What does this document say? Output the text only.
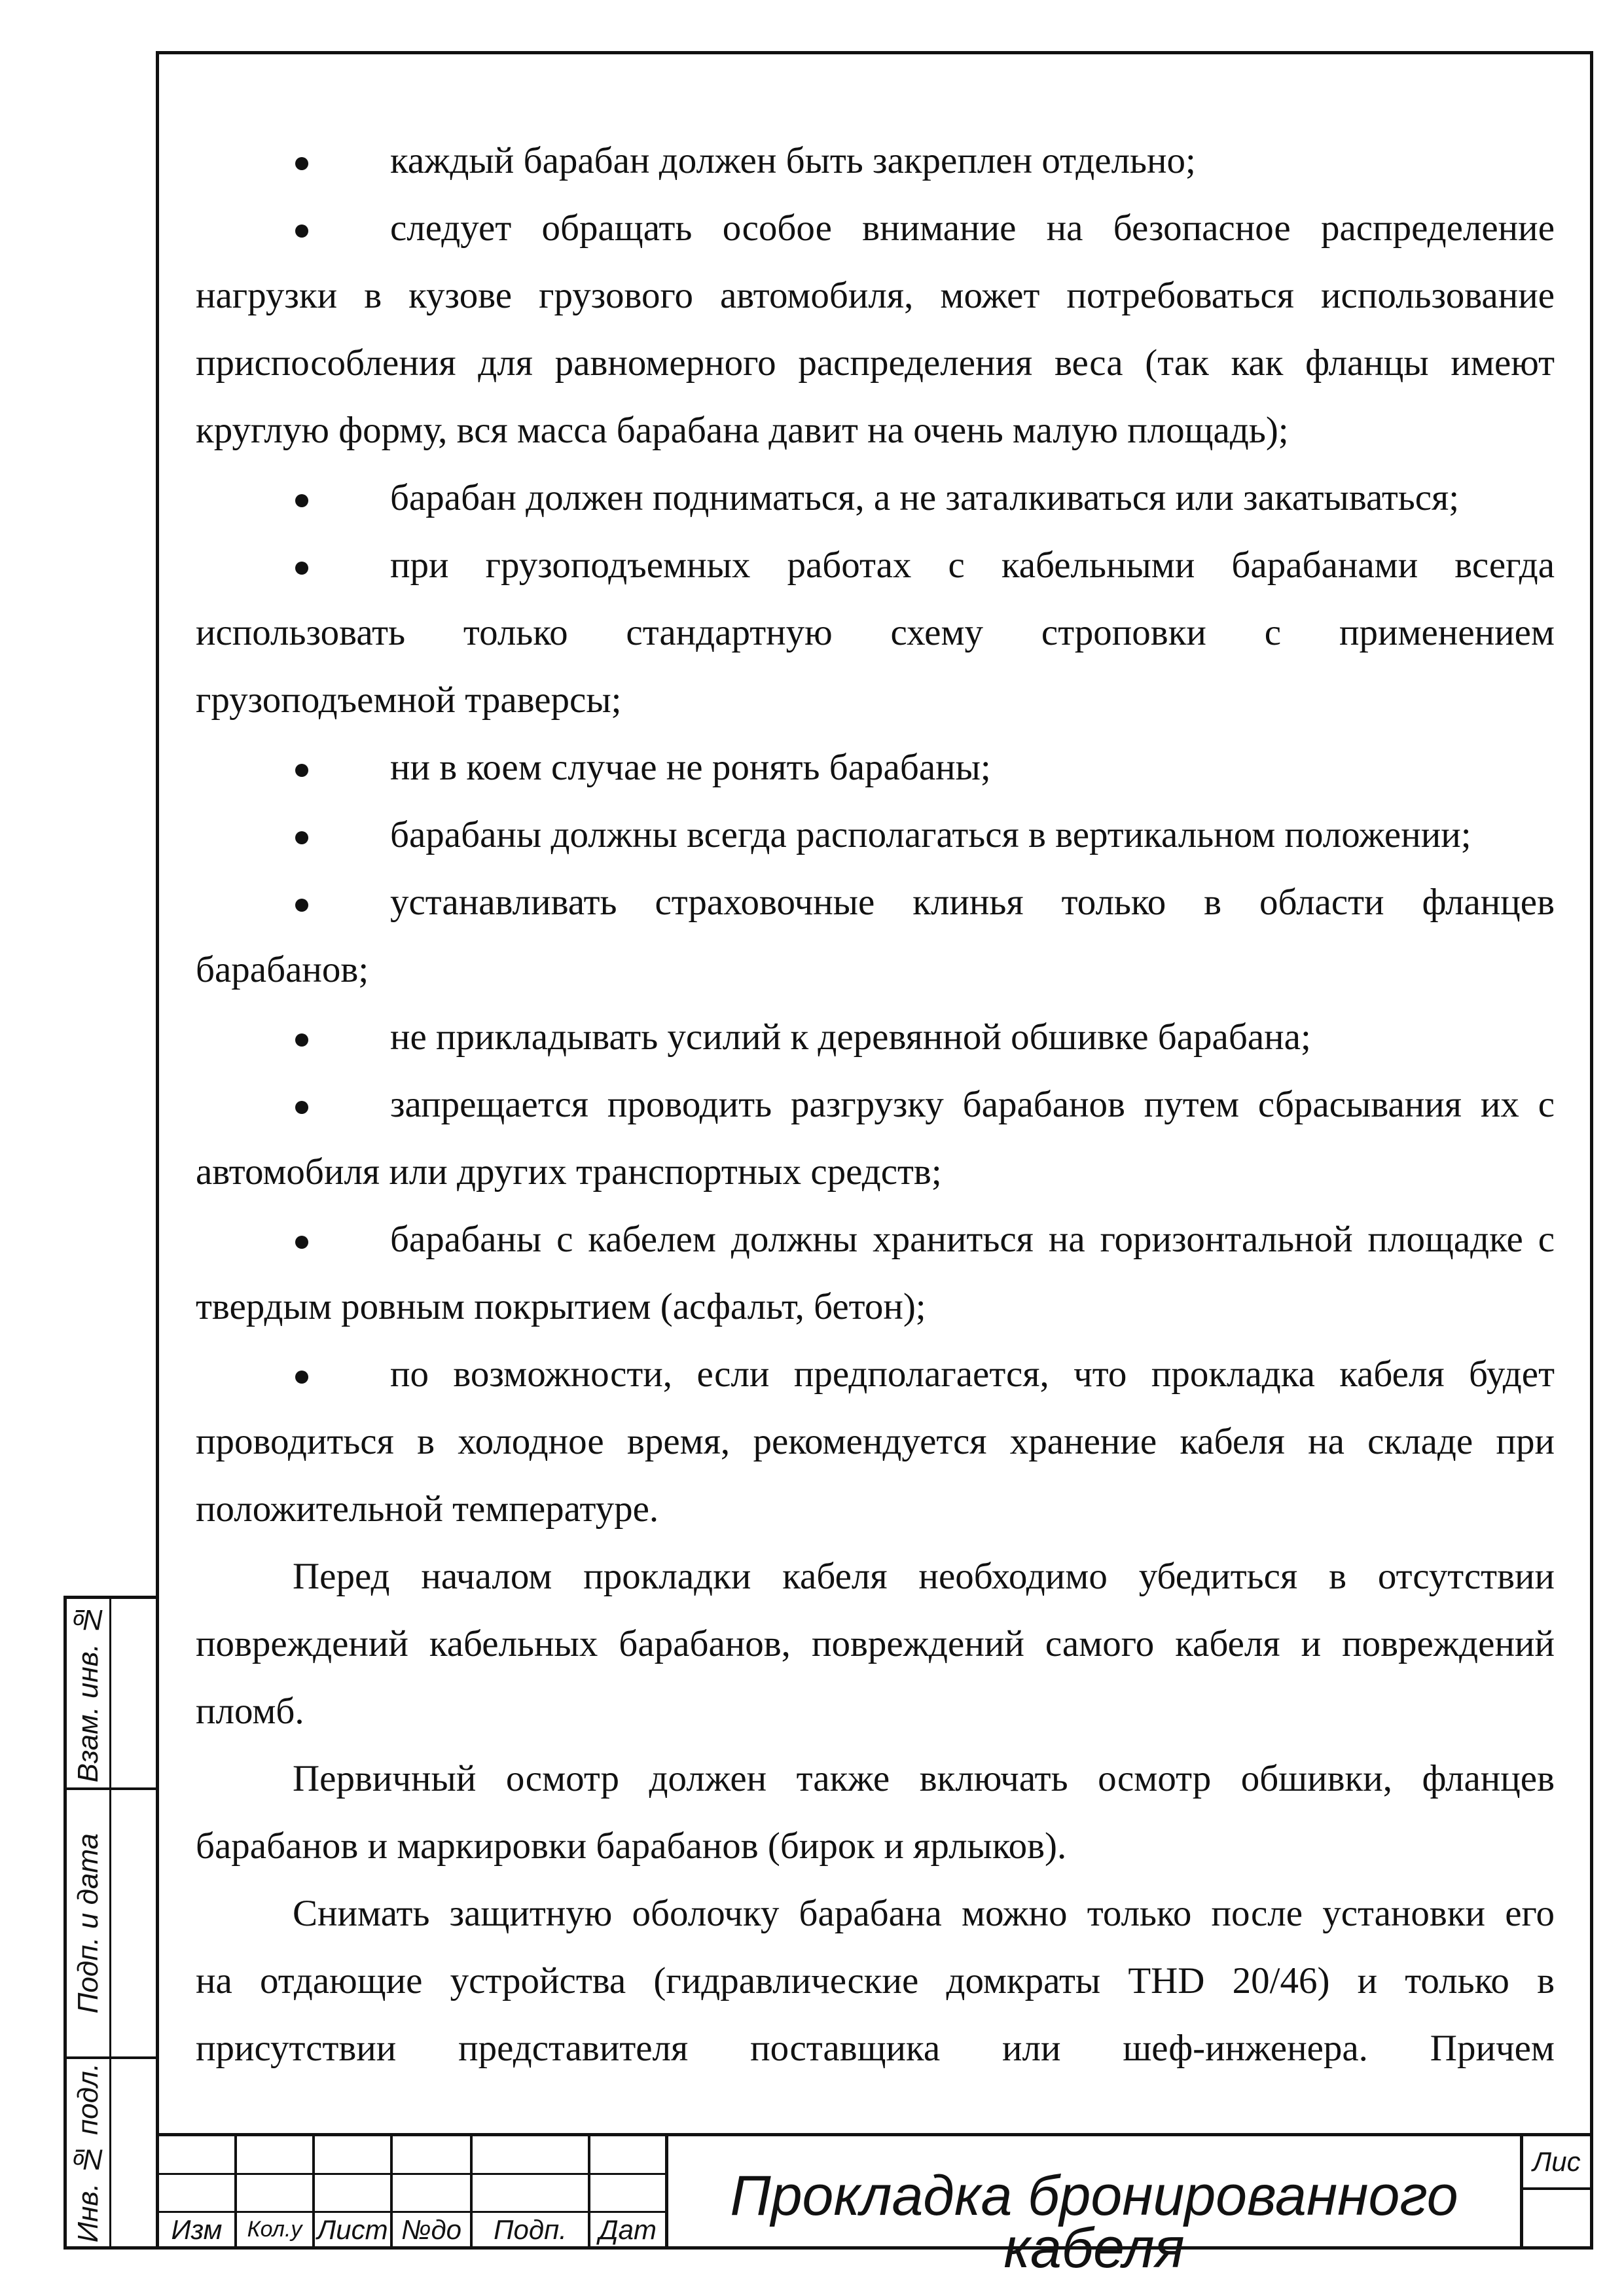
каждый барабан должен быть закреплен отдельно;
следует обращать особое внимание на безопасное распределение
нагрузки в кузове грузового автомобиля, может потребоваться использование
приспособления для равномерного распределения веса (так как фланцы имеют
круглую форму, вся масса барабана давит на очень малую площадь);
барабан должен подниматься, а не заталкиваться или закатываться;
при грузоподъемных работах с кабельными барабанами всегда
использовать только стандартную схему строповки с применением
грузоподъемной траверсы;
ни в коем случае не ронять барабаны;
барабаны должны всегда располагаться в вертикальном положении;
устанавливать страховочные клинья только в области фланцев
барабанов;
не прикладывать усилий к деревянной обшивке барабана;
запрещается проводить разгрузку барабанов путем сбрасывания их с
автомобиля или других транспортных средств;
барабаны с кабелем должны храниться на горизонтальной площадке с
твердым ровным покрытием (асфальт, бетон);
по возможности, если предполагается, что прокладка кабеля будет
проводиться в холодное время, рекомендуется хранение кабеля на складе при
положительной температуре.
Перед началом прокладки кабеля необходимо убедиться в отсутствии
повреждений кабельных барабанов, повреждений самого кабеля и повреждений
пломб.
Первичный осмотр должен также включать осмотр обшивки, фланцев
барабанов и маркировки барабанов (бирок и ярлыков).
Снимать защитную оболочку барабана можно только после установки его
на отдающие устройства (гидравлические домкраты THD 20/46) и только в
присутствии представителя поставщика или шеф-инженера. Причем
Взам. инв. №
Подп. и дата
Инв. № подл.	Изм	Кол.у Лист №до	Подп.	Дат
Прокладка бронированного кабеля
Лис
